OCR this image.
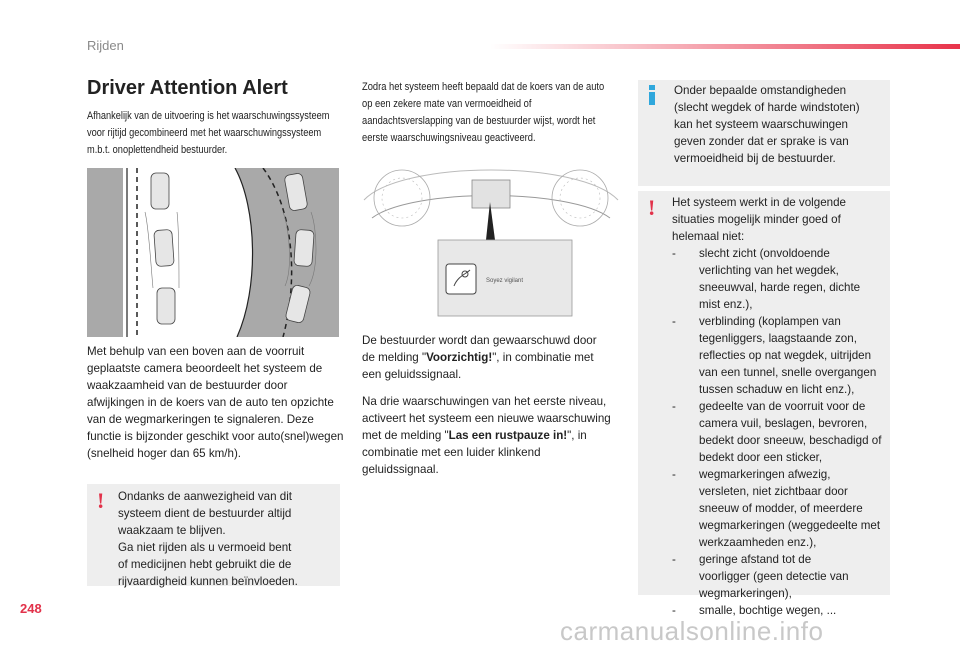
Rijden
Driver Attention Alert
Afhankelijk van de uitvoering is het waarschuwingssysteem voor rijtijd gecombineerd met het waarschuwingssysteem m.b.t. onoplettendheid bestuurder.
Met behulp van een boven aan de voorruit geplaatste camera beoordeelt het systeem de waakzaamheid van de bestuurder door afwijkingen in de koers van de auto ten opzichte van de wegmarkeringen te signaleren. Deze functie is bijzonder geschikt voor auto(snel)wegen (snelheid hoger dan 65 km/h).
! Ondanks de aanwezigheid van dit
systeem dient de bestuurder altijd
waakzaam te blijven.
Ga niet rijden als u vermoeid bent
of medicijnen hebt gebruikt die de
rijvaardigheid kunnen beïnvloeden.
Zodra het systeem heeft bepaald dat de koers van de auto op een zekere mate van vermoeidheid of aandachtsverslapping van de bestuurder wijst, wordt het eerste waarschuwingsniveau geactiveerd.
Soyez vigilant
De bestuurder wordt dan gewaarschuwd door de melding "Voorzichtig!", in combinatie met een geluidssignaal.
Na drie waarschuwingen van het eerste niveau, activeert het systeem een nieuwe waarschuwing met de melding "Las een rustpauze in!", in combinatie met een luider klinkend geluidssignaal.
Onder bepaalde omstandigheden
(slecht wegdek of harde windstoten)
kan het systeem waarschuwingen
geven zonder dat er sprake is van
vermoeidheid bij de bestuurder.
! Het systeem werkt in de volgende
situaties mogelijk minder goed of
helemaal niet:
- slecht zicht (onvoldoende
verlichting van het wegdek,
sneeuwval, harde regen, dichte
mist enz.),
- verblinding (koplampen van
tegenliggers, laagstaande zon,
reflecties op nat wegdek, uitrijden
van een tunnel, snelle overgangen
tussen schaduw en licht enz.),
- gedeelte van de voorruit voor de
camera vuil, beslagen, bevroren,
bedekt door sneeuw, beschadigd of
bedekt door een sticker,
- wegmarkeringen afwezig,
versleten, niet zichtbaar door
sneeuw of modder, of meerdere
wegmarkeringen (weggedeelte met
werkzaamheden enz.),
- geringe afstand tot de
voorligger (geen detectie van
wegmarkeringen),
- smalle, bochtige wegen, ...
248
carmanualsonline.info
